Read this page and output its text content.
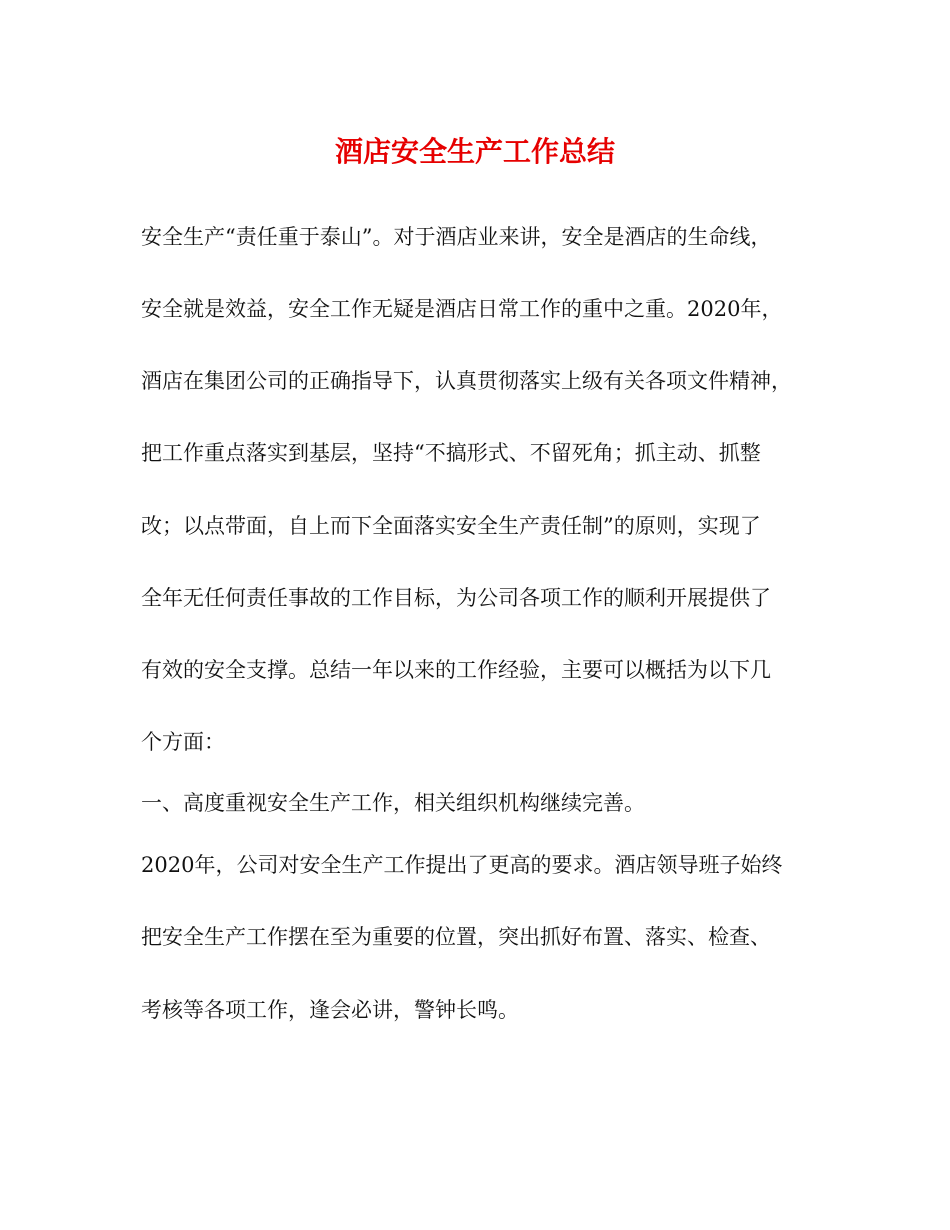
酒店安全生产工作总结

安全生产“责任重于泰山”。对于酒店业来讲，安全是酒店的生命线，

安全就是效益，安全工作无疑是酒店日常工作的重中之重。2020年，

酒店在集团公司的正确指导下，认真贯彻落实上级有关各项文件精神，

把工作重点落实到基层，坚持“不搞形式、不留死角；抓主动、抓整

改；以点带面，自上而下全面落实安全生产责任制”的原则，实现了

全年无任何责任事故的工作目标，为公司各项工作的顺利开展提供了

有效的安全支撑。总结一年以来的工作经验，主要可以概括为以下几

个方面：

一、高度重视安全生产工作，相关组织机构继续完善。

2020年，公司对安全生产工作提出了更高的要求。酒店领导班子始终

把安全生产工作摆在至为重要的位置，突出抓好布置、落实、检查、

考核等各项工作，逢会必讲，警钟长鸣。
